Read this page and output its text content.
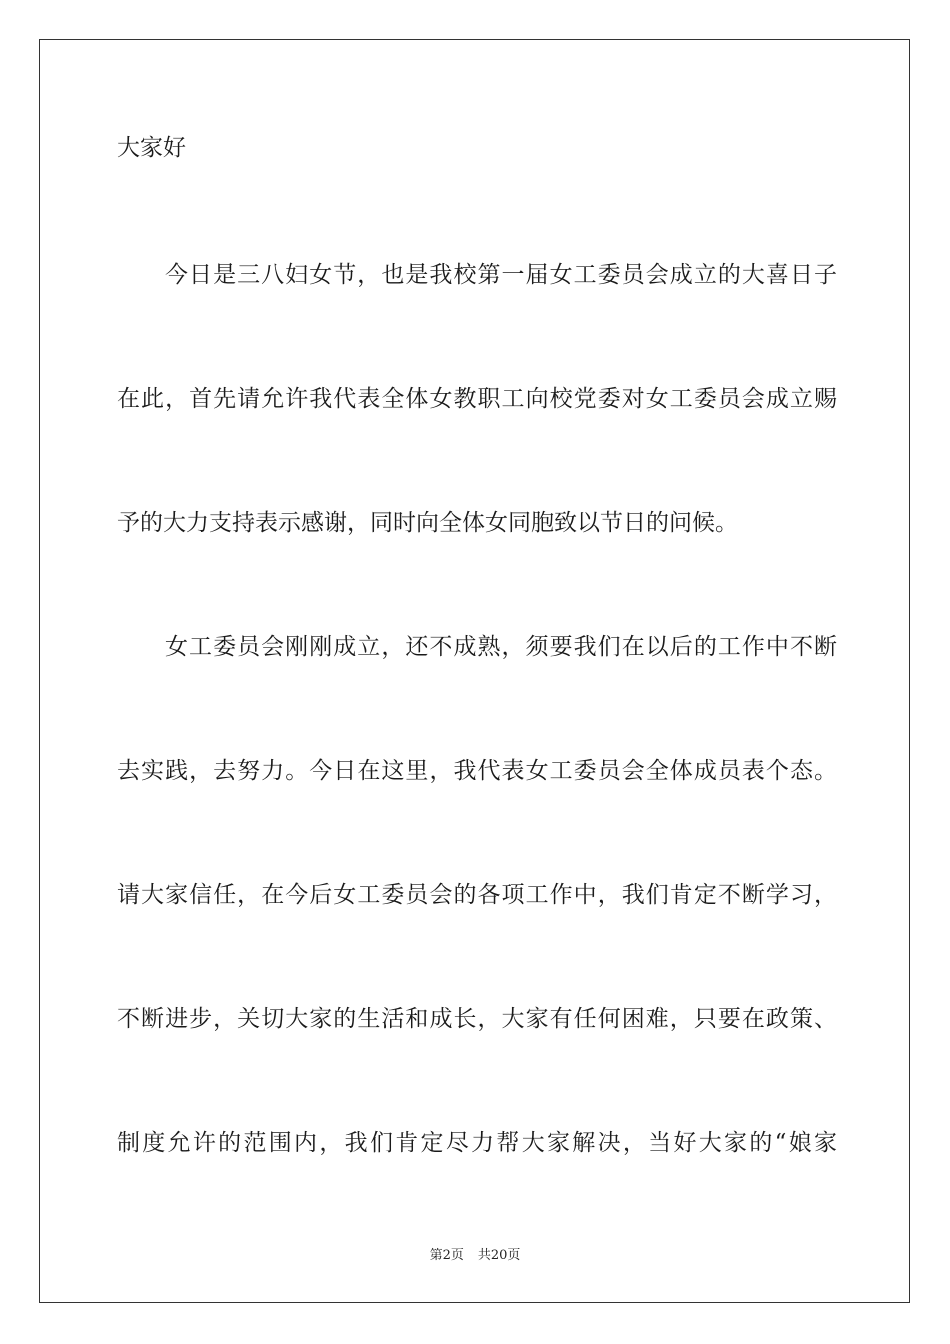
大家好
今日是三八妇女节，也是我校第一届女工委员会成立的大喜日子
在此，首先请允许我代表全体女教职工向校党委对女工委员会成立赐
予的大力支持表示感谢，同时向全体女同胞致以节日的问候。
女工委员会刚刚成立，还不成熟，须要我们在以后的工作中不断
去实践，去努力。今日在这里，我代表女工委员会全体成员表个态。
请大家信任，在今后女工委员会的各项工作中，我们肯定不断学习，
不断进步，关切大家的生活和成长，大家有任何困难，只要在政策、
制度允许的范围内，我们肯定尽力帮大家解决，当好大家的“娘家
第2页 共20页
